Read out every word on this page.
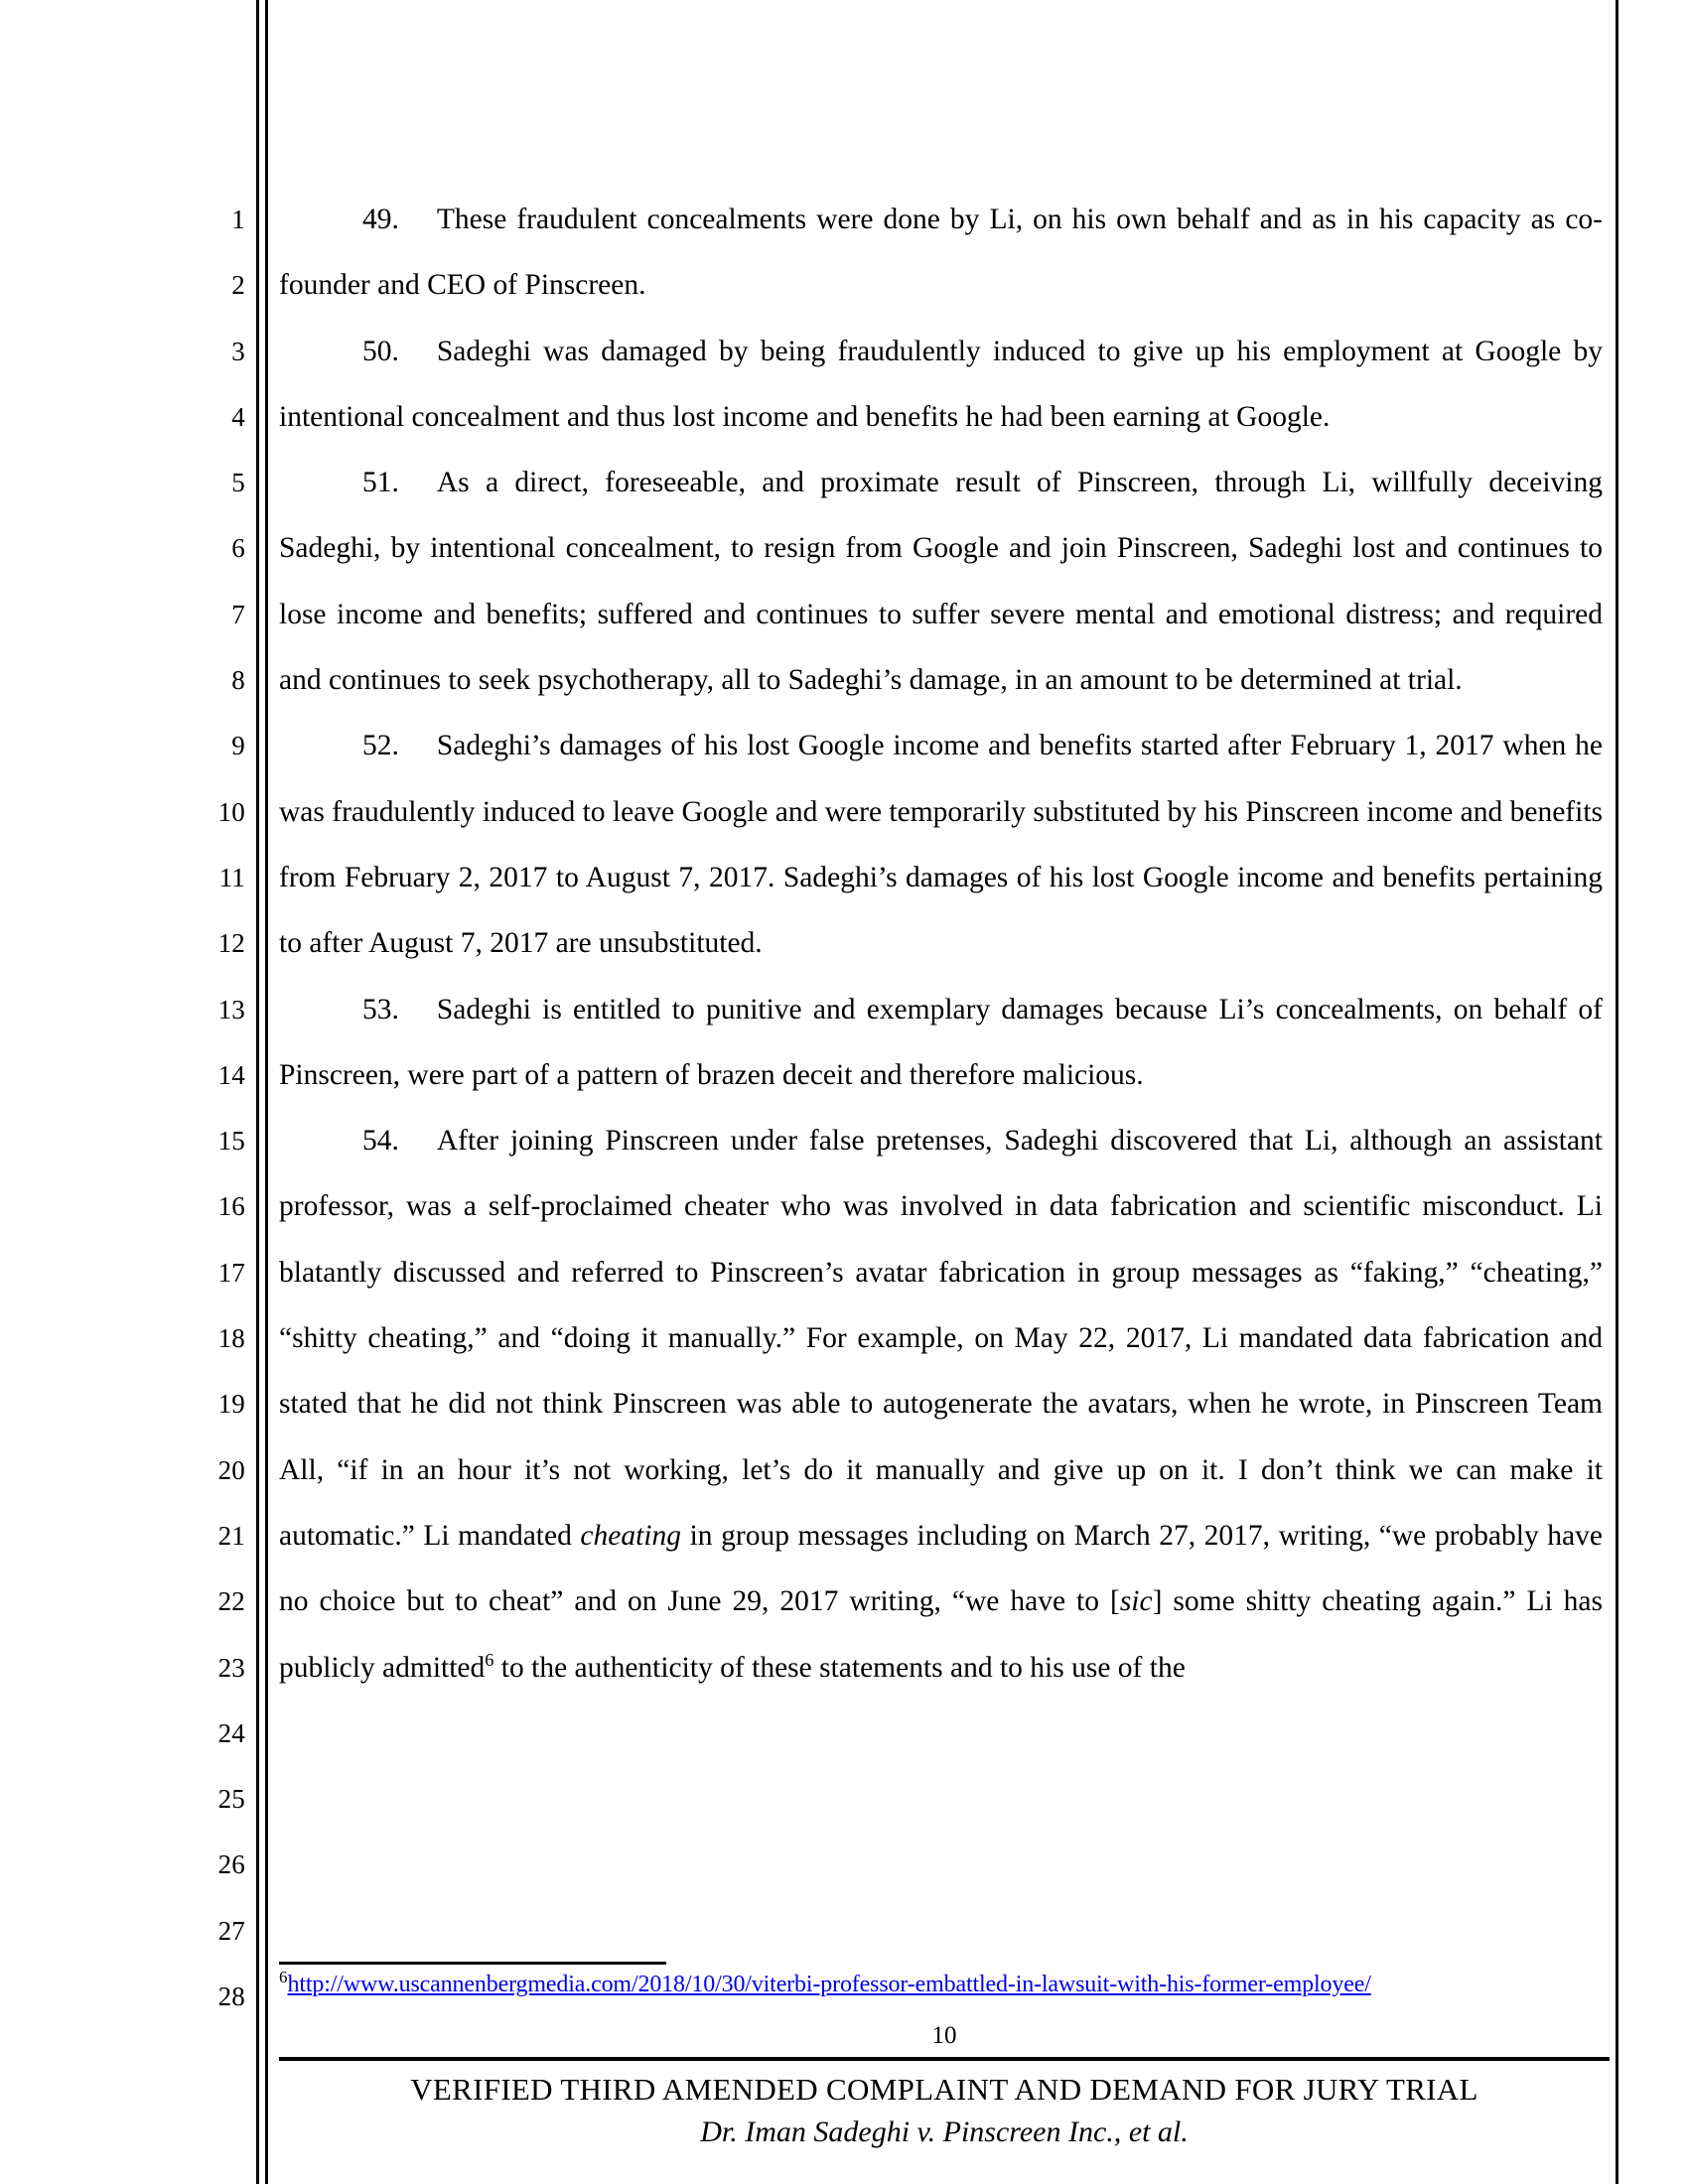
1
2
3
4
5
6
7
8
9
10
11
12
13
14
15
16
17
18
19
20
21
22
23
24
25
26
27
28

49. These fraudulent concealments were done by Li, on his own behalf and as in his capacity as co-founder and CEO of Pinscreen.

50. Sadeghi was damaged by being fraudulently induced to give up his employment at Google by intentional concealment and thus lost income and benefits he had been earning at Google.

51. As a direct, foreseeable, and proximate result of Pinscreen, through Li, willfully deceiving Sadeghi, by intentional concealment, to resign from Google and join Pinscreen, Sadeghi lost and continues to lose income and benefits; suffered and continues to suffer severe mental and emotional distress; and required and continues to seek psychotherapy, all to Sadeghi’s damage, in an amount to be determined at trial.

52. Sadeghi’s damages of his lost Google income and benefits started after February 1, 2017 when he was fraudulently induced to leave Google and were temporarily substituted by his Pinscreen income and benefits from February 2, 2017 to August 7, 2017. Sadeghi’s damages of his lost Google income and benefits pertaining to after August 7, 2017 are unsubstituted.

53. Sadeghi is entitled to punitive and exemplary damages because Li’s concealments, on behalf of Pinscreen, were part of a pattern of brazen deceit and therefore malicious.

54. After joining Pinscreen under false pretenses, Sadeghi discovered that Li, although an assistant professor, was a self-proclaimed cheater who was involved in data fabrication and scientific misconduct. Li blatantly discussed and referred to Pinscreen’s avatar fabrication in group messages as “faking,” “cheating,” “shitty cheating,” and “doing it manually.” For example, on May 22, 2017, Li mandated data fabrication and stated that he did not think Pinscreen was able to autogenerate the avatars, when he wrote, in Pinscreen Team All, “if in an hour it’s not working, let’s do it manually and give up on it. I don’t think we can make it automatic.” Li mandated cheating in group messages including on March 27, 2017, writing, “we probably have no choice but to cheat” and on June 29, 2017 writing, “we have to [sic] some shitty cheating again.” Li has publicly admitted$^6$ to the authenticity of these statements and to his use of the

$^6$http://www.uscannenbergmedia.com/2018/10/30/viterbi-professor-embattled-in-lawsuit-with-his-former-employee/
10
VERIFIED THIRD AMENDED COMPLAINT AND DEMAND FOR JURY TRIAL
Dr. Iman Sadeghi v. Pinscreen Inc., et al.
